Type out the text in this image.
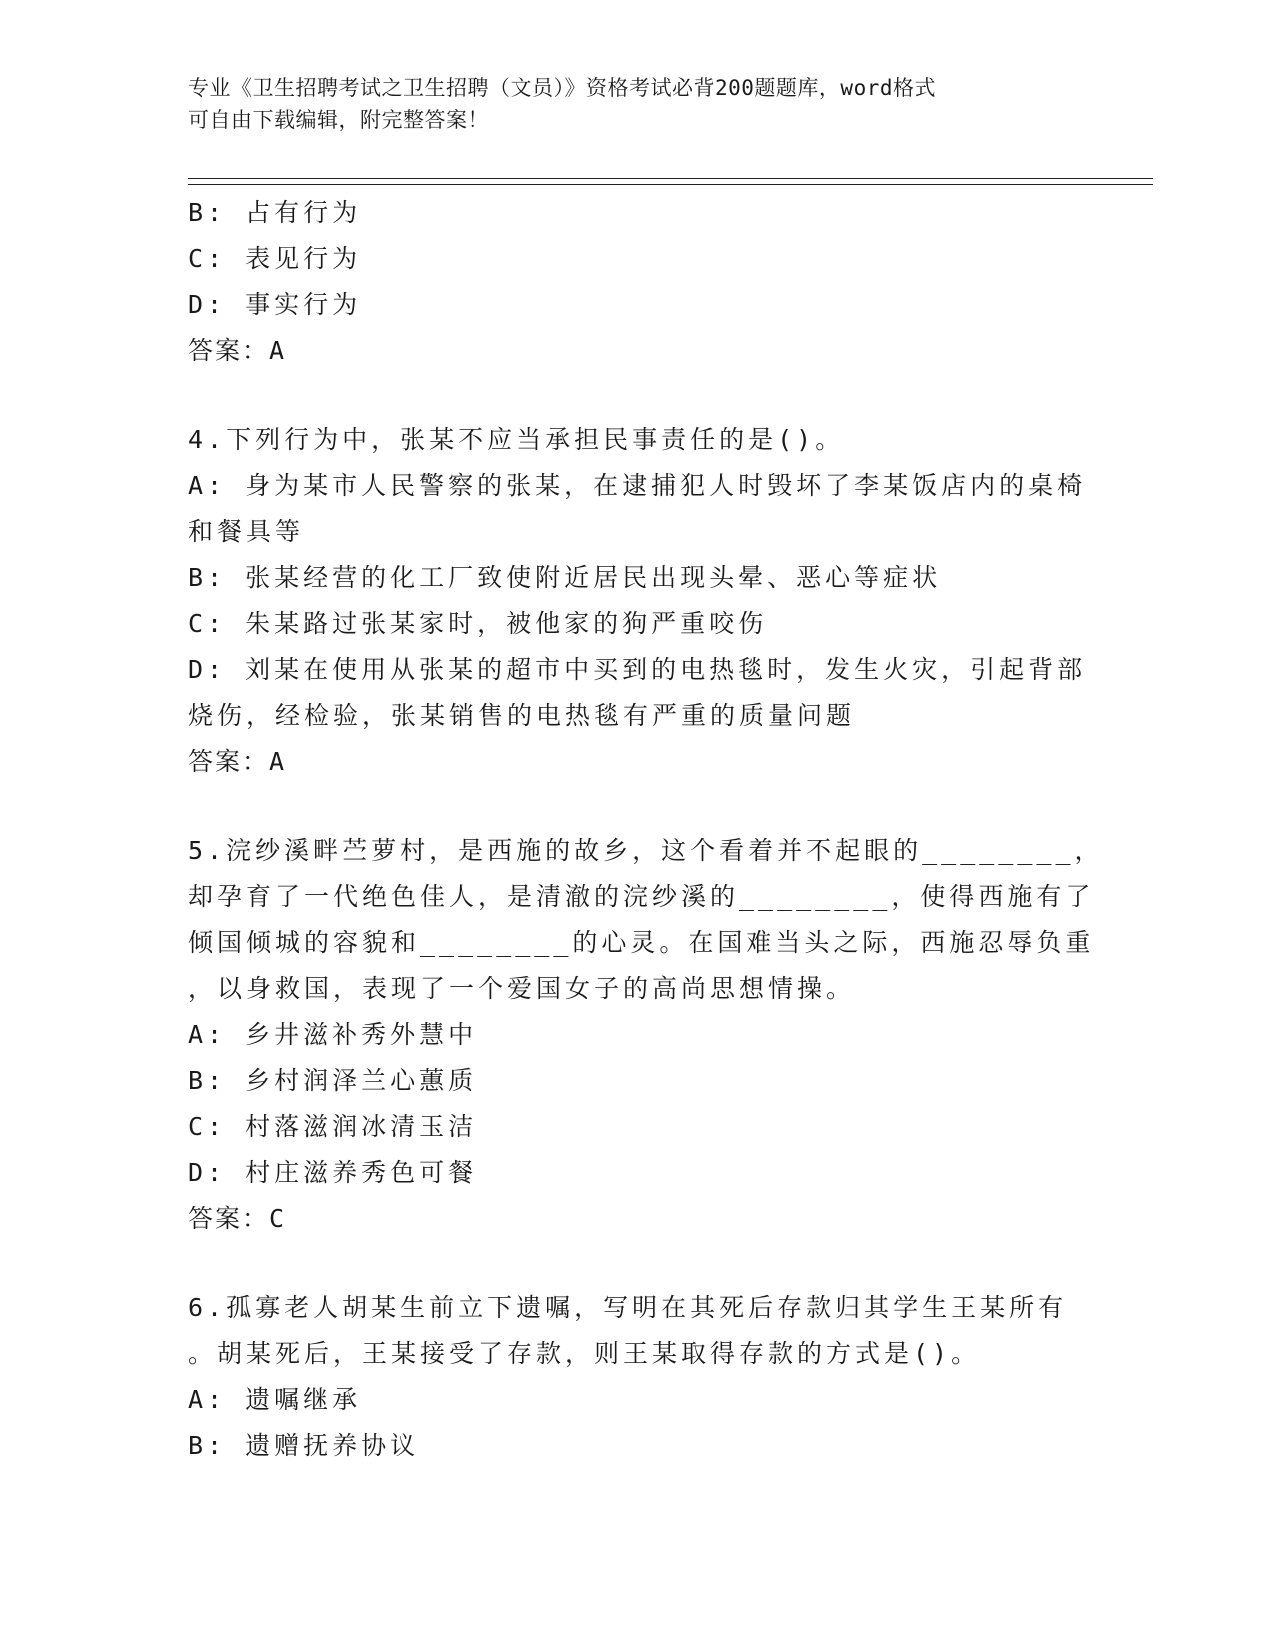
专业《卫生招聘考试之卫生招聘（文员）》资格考试必背200题题库，word格式
可自由下载编辑，附完整答案！
B: 占有行为
C: 表见行为
D: 事实行为
答案：A
4.下列行为中，张某不应当承担民事责任的是()。
A: 身为某市人民警察的张某，在逮捕犯人时毁坏了李某饭店内的桌椅
和餐具等
B: 张某经营的化工厂致使附近居民出现头晕、恶心等症状
C: 朱某路过张某家时，被他家的狗严重咬伤
D: 刘某在使用从张某的超市中买到的电热毯时，发生火灾，引起背部
烧伤，经检验，张某销售的电热毯有严重的质量问题
答案：A
5.浣纱溪畔苎萝村，是西施的故乡，这个看着并不起眼的________，
却孕育了一代绝色佳人，是清澈的浣纱溪的________，使得西施有了
倾国倾城的容貌和________的心灵。在国难当头之际，西施忍辱负重
，以身救国，表现了一个爱国女子的高尚思想情操。
A: 乡井滋补秀外慧中
B: 乡村润泽兰心蕙质
C: 村落滋润冰清玉洁
D: 村庄滋养秀色可餐
答案：C
6.孤寡老人胡某生前立下遗嘱，写明在其死后存款归其学生王某所有
。胡某死后，王某接受了存款，则王某取得存款的方式是()。
A: 遗嘱继承
B: 遗赠抚养协议
